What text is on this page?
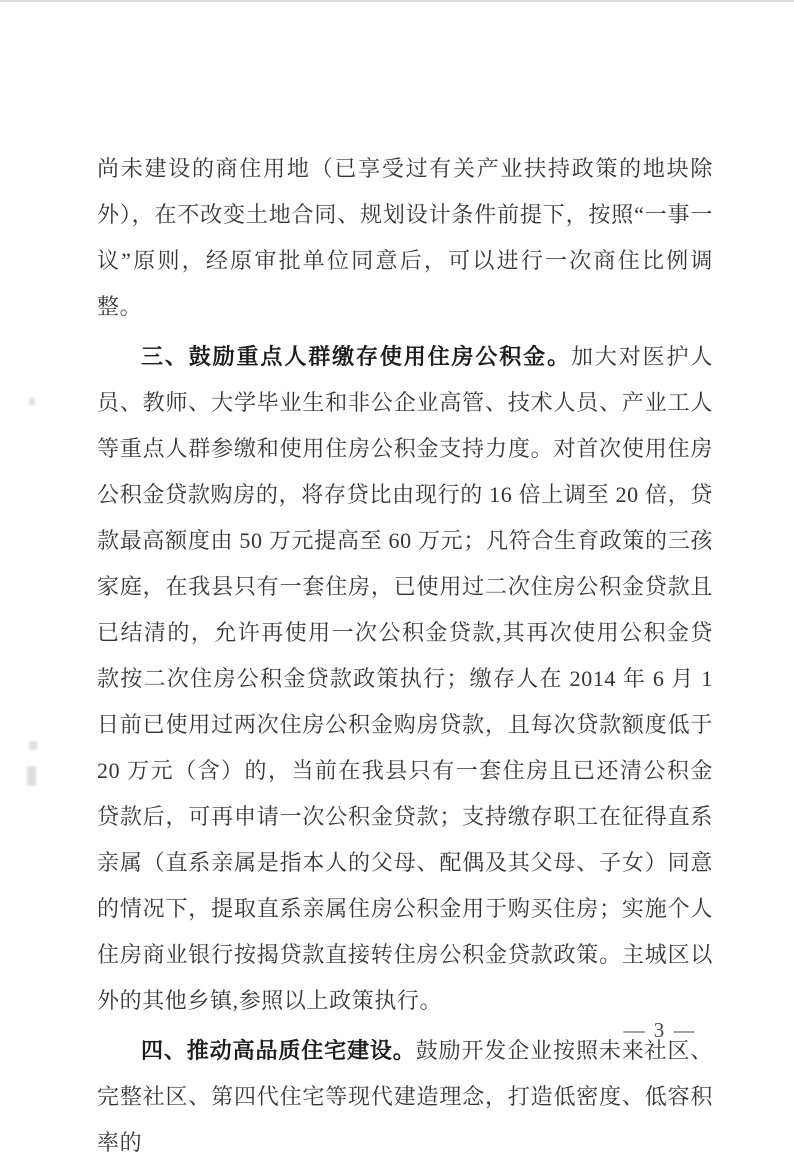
尚未建设的商住用地（已享受过有关产业扶持政策的地块除外），在不改变土地合同、规划设计条件前提下，按照“一事一议”原则，经原审批单位同意后，可以进行一次商住比例调整。

三、鼓励重点人群缴存使用住房公积金。加大对医护人员、教师、大学毕业生和非公企业高管、技术人员、产业工人等重点人群参缴和使用住房公积金支持力度。对首次使用住房公积金贷款购房的，将存贷比由现行的 16 倍上调至 20 倍，贷款最高额度由 50 万元提高至 60 万元；凡符合生育政策的三孩家庭，在我县只有一套住房，已使用过二次住房公积金贷款且已结清的，允许再使用一次公积金贷款,其再次使用公积金贷款按二次住房公积金贷款政策执行；缴存人在 2014 年 6 月 1 日前已使用过两次住房公积金购房贷款，且每次贷款额度低于 20 万元（含）的，当前在我县只有一套住房且已还清公积金贷款后，可再申请一次公积金贷款；支持缴存职工在征得直系亲属（直系亲属是指本人的父母、配偶及其父母、子女）同意的情况下，提取直系亲属住房公积金用于购买住房；实施个人住房商业银行按揭贷款直接转住房公积金贷款政策。主城区以外的其他乡镇,参照以上政策执行。

四、推动高品质住宅建设。鼓励开发企业按照未来社区、完整社区、第四代住宅等现代建造理念，打造低密度、低容积率的

— 3 —
